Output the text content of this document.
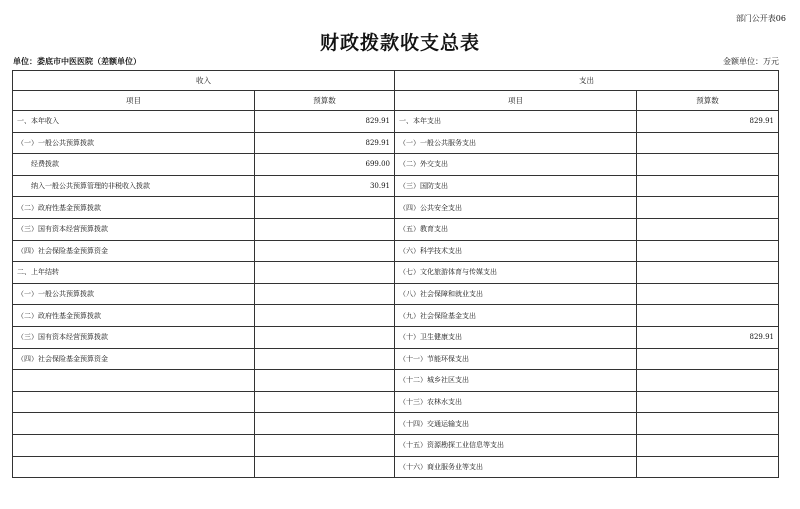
部门公开表06
财政拨款收支总表
单位：娄底市中医医院（差额单位）	金额单位：万元
收入		支出	
项目	预算数	项目	预算数
一、本年收入	829.91	一、本年支出	829.91
（一）一般公共预算拨款	829.91	（一）一般公共服务支出	
经费拨款	699.00	（二）外交支出	
纳入一般公共预算管理的非税收入拨款	30.91	（三）国防支出	
（二）政府性基金预算拨款		（四）公共安全支出	
（三）国有资本经营预算拨款		（五）教育支出	
（四）社会保险基金预算资金		（六）科学技术支出	
二、上年结转		（七）文化旅游体育与传媒支出	
（一）一般公共预算拨款		（八）社会保障和就业支出	
（二）政府性基金预算拨款		（九）社会保险基金支出	
（三）国有资本经营预算拨款		（十）卫生健康支出	829.91
（四）社会保险基金预算资金		（十一）节能环保支出	
		（十二）城乡社区支出	
		（十三）农林水支出	
		（十四）交通运输支出	
		（十五）资源勘探工业信息等支出	
		（十六）商业服务业等支出	
